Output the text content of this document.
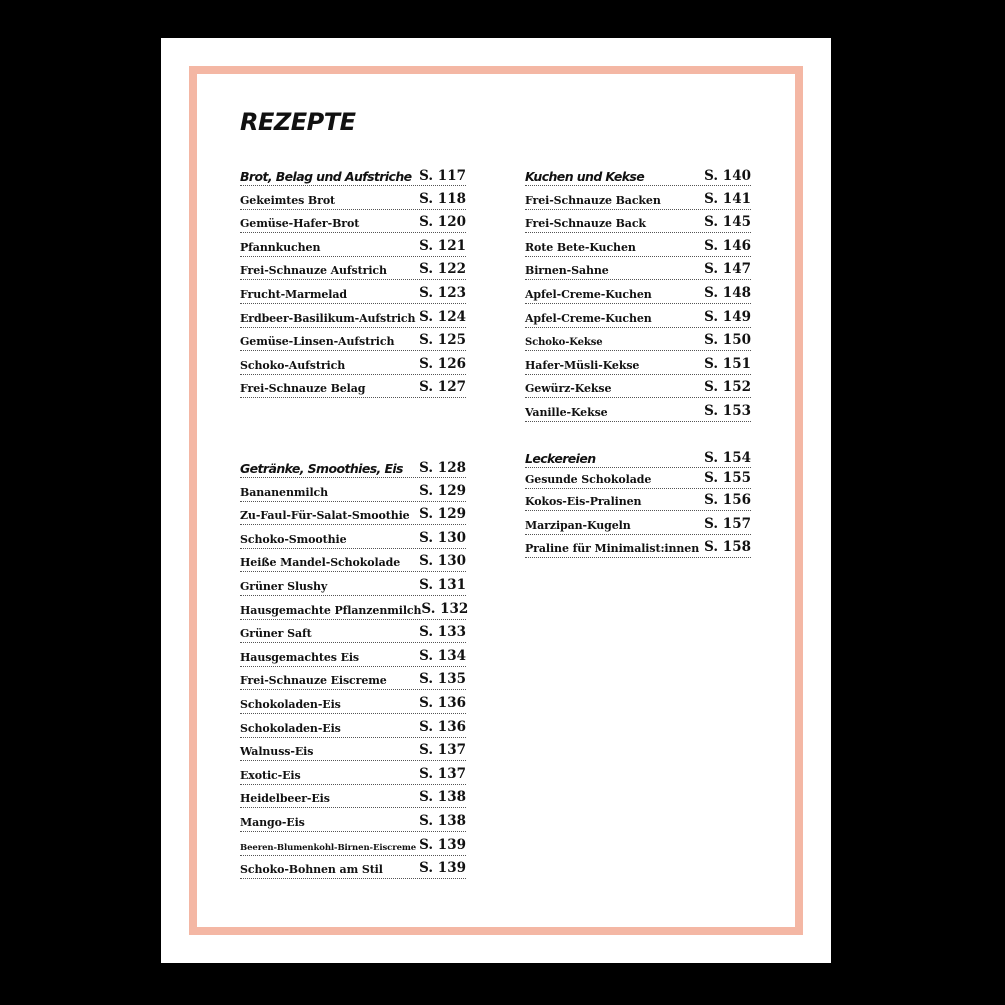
REZEPTE
Brot, Belag und Aufstriche S. 117
Gekeimtes Brot	S. 118
Gemüse-Hafer-Brot	S. 120
Pfannkuchen	S. 121
Frei-Schnauze Aufstrich S. 122
Frucht-Marmelad	S. 123
Erdbeer-Basilikum-Aufstrich S. 124
Gemüse-Linsen-Aufstrich S. 125
Schoko-Aufstrich	S. 126
Frei-Schnauze Belag	S. 127
Getränke, Smoothies, Eis S. 128
Bananenmilch	S. 129
Zu-Faul-Für-Salat-Smoothie S. 129
Schoko-Smoothie	S. 130
Heiße Mandel-Schokolade S. 130
Grüner Slushy	S. 131
Hausgemachte Pflanzenmilch S. 132
Grüner Saft	S. 133
Hausgemachtes Eis	S. 134
Frei-Schnauze Eiscreme S. 135
Schokoladen-Eis	S. 136
Schokoladen-Eis	S. 136
Walnuss-Eis	S. 137
Exotic-Eis	S. 137
Heidelbeer-Eis	S. 138
Mango-Eis	S. 138
Beeren-Blumenkohl-Birnen-Eiscreme S. 139
Schoko-Bohnen am Stil	S. 139
Kuchen und Kekse	S. 140
Frei-Schnauze Backen	S. 141
Frei-Schnauze Back	S. 145
Rote Bete-Kuchen	S. 146
Birnen-Sahne	S. 147
Apfel-Creme-Kuchen	S. 148
Apfel-Creme-Kuchen	S. 149
Schoko-Kekse	S. 150
Hafer-Müsli-Kekse	S. 151
Gewürz-Kekse	S. 152
Vanille-Kekse	S. 153
Leckereien	S. 154
Gesunde Schokolade	S. 155
Kokos-Eis-Pralinen	S. 156
Marzipan-Kugeln	S. 157
Praline für Minimalist:innen S. 158
